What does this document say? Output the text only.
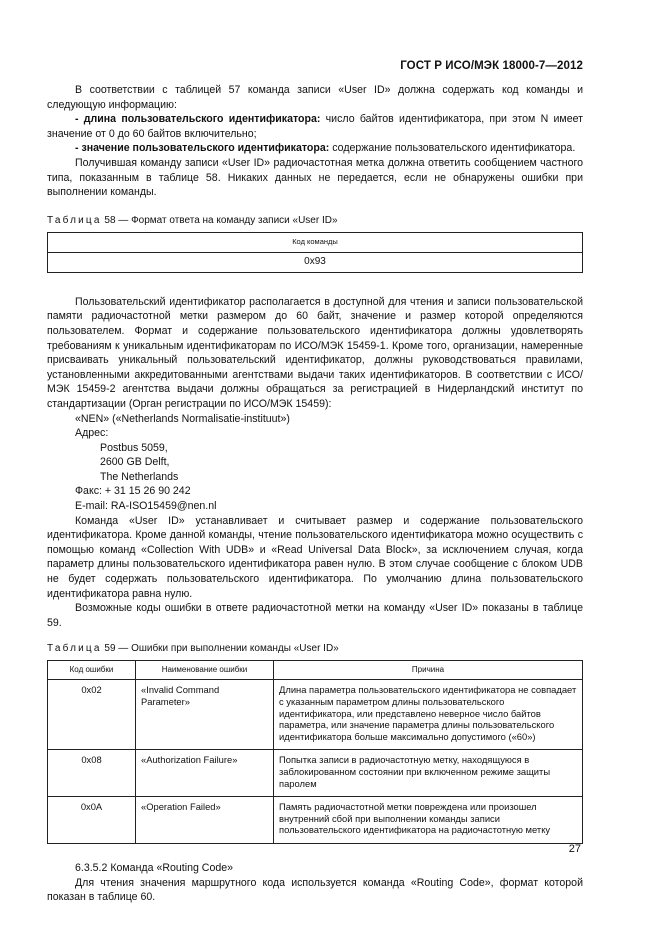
ГОСТ Р ИСО/МЭК 18000-7—2012

В соответствии с таблицей 57 команда записи «User ID» должна содержать код команды и следующую информацию:

- длина пользовательского идентификатора: число байтов идентификатора, при этом N имеет значение от 0 до 60 байтов включительно;

- значение пользовательского идентификатора: содержание пользовательского идентификатора.

Получившая команду записи «User ID» радиочастотная метка должна ответить сообщением частного типа, показанным в таблице 58. Никаких данных не передается, если не обнаружены ошибки при выполнении команды.

Таблица 58 — Формат ответа на команду записи «User ID»
Код команды
0x93

Пользовательский идентификатор располагается в доступной для чтения и записи пользовательской памяти радиочастотной метки размером до 60 байт, значение и размер которой определяются пользователем. Формат и содержание пользовательского идентификатора должны удовлетворять требованиям к уникальным идентификаторам по ИСО/МЭК 15459-1. Кроме того, организации, намеренные присваивать уникальный пользовательский идентификатор, должны руководствоваться правилами, установленными аккредитованными агентствами выдачи таких идентификаторов. В соответствии с ИСО/МЭК 15459-2 агентства выдачи должны обращаться за регистрацией в Нидерландский институт по стандартизации (Орган регистрации по ИСО/МЭК 15459):

«NEN» («Netherlands Normalisatie-instituut»)

Адрес:

Postbus 5059,

2600 GB Delft,

The Netherlands

Факс: + 31 15 26 90 242

E-mail: RA-ISO15459@nen.nl

Команда «User ID» устанавливает и считывает размер и содержание пользовательского идентификатора. Кроме данной команды, чтение пользовательского идентификатора можно осуществить с помощью команд «Collection With UDB» и «Read Universal Data Block», за исключением случая, когда параметр длины пользовательского идентификатора равен нулю. В этом случае сообщение с блоком UDB не будет содержать пользовательского идентификатора. По умолчанию длина пользовательского идентификатора равна нулю.

Возможные коды ошибки в ответе радиочастотной метки на команду «User ID» показаны в таблице 59.

Таблица 59 — Ошибки при выполнении команды «User ID»
Код ошибки	Наименование ошибки	Причина
0x02	«Invalid Command Parameter»	Длина параметра пользовательского идентификатора не совпадает с указанным параметром длины пользовательского идентификатора, или представлено неверное число байтов параметра, или значение параметра длины пользовательского идентификатора больше максимально допустимого («60»)
0x08	«Authorization Failure»	Попытка записи в радиочастотную метку, находящуюся в заблокированном состоянии при включенном режиме защиты паролем
0x0A	«Operation Failed»	Память радиочастотной метки повреждена или произошел внутренний сбой при выполнении команды записи пользовательского идентификатора на радиочастотную метку

6.3.5.2 Команда «Routing Code»

Для чтения значения маршрутного кода используется команда «Routing Code», формат которой показан в таблице 60.

27
